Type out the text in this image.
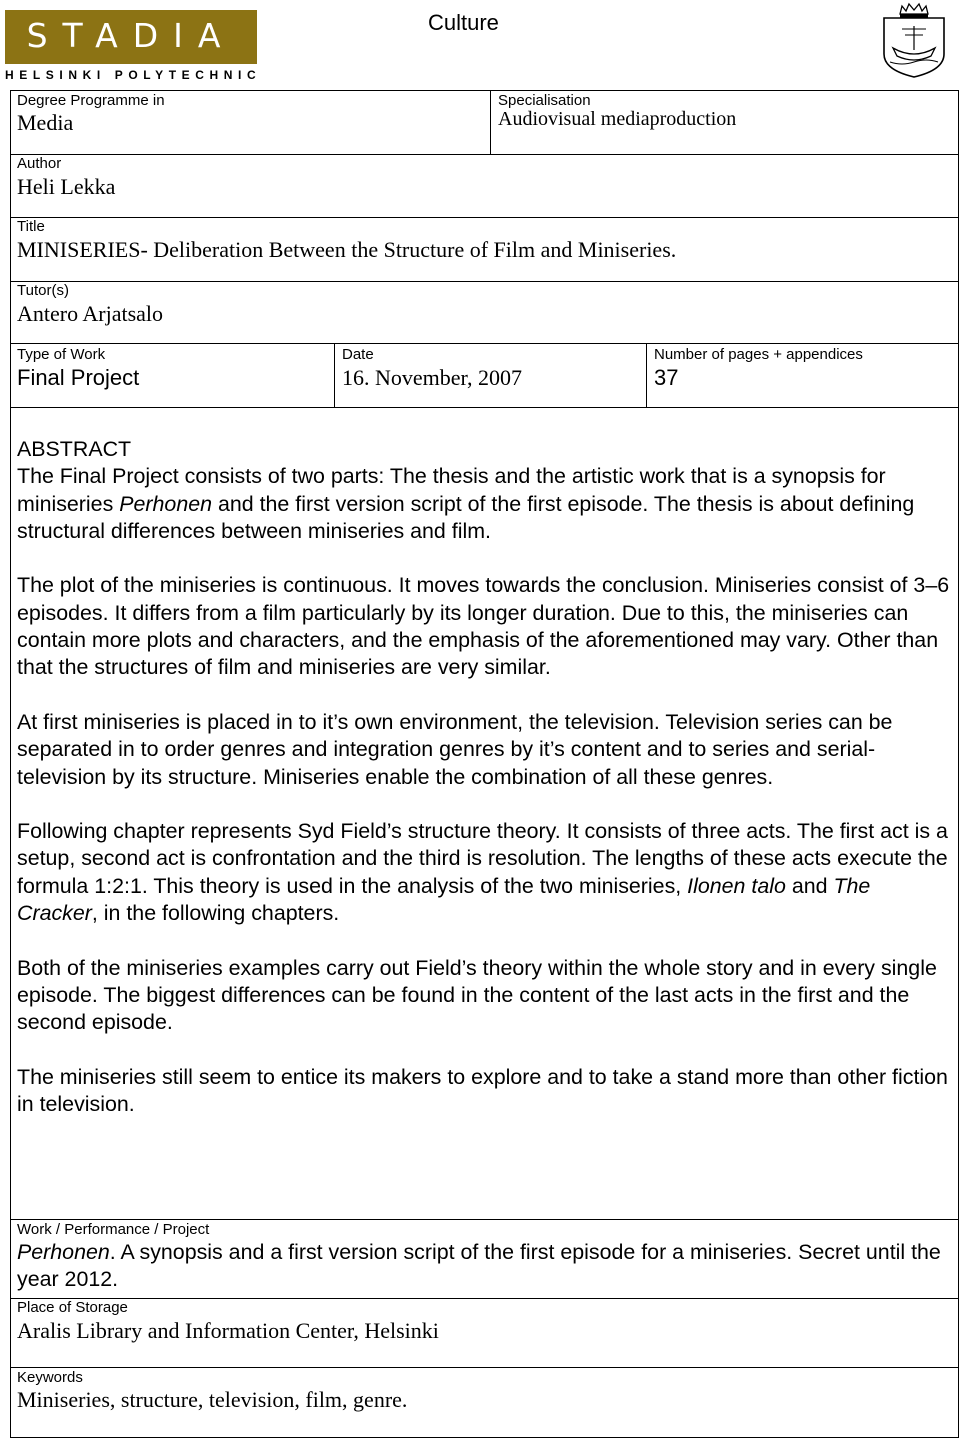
STADIA
HELSINKI POLYTECHNIC
Culture
Degree Programme in
Media
Specialisation
Audiovisual mediaproduction
Author
Heli Lekka
Title
MINISERIES- Deliberation Between the Structure of Film and Miniseries.
Tutor(s)
Antero Arjatsalo
Type of Work
Final Project
Date
16. November, 2007
Number of pages + appendices
37

ABSTRACT

The Final Project consists of two parts: The thesis and the artistic work that is a synopsis for miniseries Perhonen and the first version script of the first episode. The thesis is about defining structural differences between miniseries and film.

The plot of the miniseries is continuous. It moves towards the conclusion. Miniseries consist of 3–6 episodes. It differs from a film particularly by its longer duration. Due to this, the miniseries can contain more plots and characters, and the emphasis of the aforementioned may vary. Other than that the structures of film and miniseries are very similar.

At first miniseries is placed in to it’s own environment, the television. Television series can be separated in to order genres and integration genres by it’s content and to series and serial-television by its structure. Miniseries enable the combination of all these genres.

Following chapter represents Syd Field’s structure theory. It consists of three acts. The first act is a setup, second act is confrontation and the third is resolution. The lengths of these acts execute the formula 1:2:1. This theory is used in the analysis of the two miniseries, Ilonen talo and The Cracker, in the following chapters.

Both of the miniseries examples carry out Field’s theory within the whole story and in every single episode. The biggest differences can be found in the content of the last acts in the first and the second episode.

The miniseries still seem to entice its makers to explore and to take a stand more than other fiction in television.

Work / Performance / Project
Perhonen. A synopsis and a first version script of the first episode for a miniseries. Secret until the year 2012.
Place of Storage
Aralis Library and Information Center, Helsinki
Keywords
Miniseries, structure, television, film, genre.
